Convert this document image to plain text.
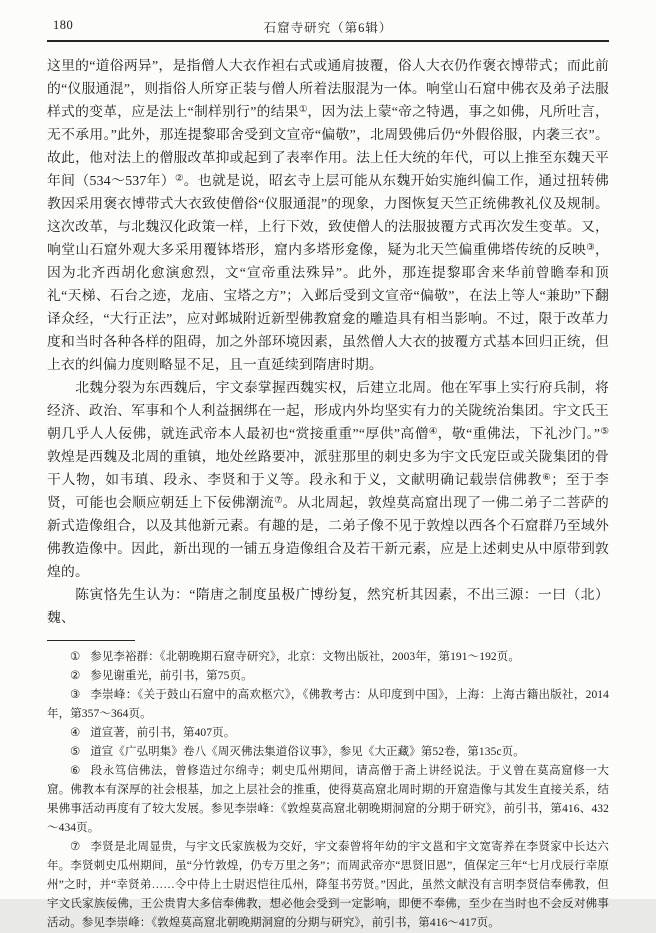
180	石窟寺研究（第6辑）

这里的“道俗两异”，是指僧人大衣作袒右式或通肩披覆，俗人大衣仍作褒衣博带式；而此前的“仪服通混”，则指俗人所穿正装与僧人所着法服混为一体。响堂山石窟中佛衣及弟子法服样式的变革，应是法上“制样别行”的结果①，因为法上蒙“帝之特遇，事之如佛，凡所吐言，无不承用。”此外，那连提黎耶舍受到文宣帝“偏敬”，北周毁佛后仍“外假俗服，内袭三衣”。故此，他对法上的僧服改革抑或起到了表率作用。法上任大统的年代，可以上推至东魏天平年间（534～537年）②。也就是说，昭玄寺上层可能从东魏开始实施纠偏工作，通过扭转佛教因采用褒衣博带式大衣致使僧俗“仪服通混”的现象，力图恢复天竺正统佛教礼仪及规制。这次改革，与北魏汉化政策一样，上行下效，致使僧人的法服披覆方式再次发生变革。又，响堂山石窟外观大多采用覆钵塔形，窟内多塔形龛像，疑为北天竺偏重佛塔传统的反映③，因为北齐西胡化愈演愈烈，文“宣帝重法殊异”。此外，那连提黎耶舍来华前曾瞻奉和顶礼“天梯、石台之迹，龙庙、宝塔之方”；入邺后受到文宣帝“偏敬”，在法上等人“兼助”下翻译众经，“大行正法”，应对邺城附近新型佛教窟龛的雕造具有相当影响。不过，限于改革力度和当时各种各样的阻碍，加之外部环境因素，虽然僧人大衣的披覆方式基本回归正统，但上衣的纠偏力度则略显不足，且一直延续到隋唐时期。

北魏分裂为东西魏后，宇文泰掌握西魏实权，后建立北周。他在军事上实行府兵制，将经济、政治、军事和个人利益捆绑在一起，形成内外均坚实有力的关陇统治集团。宇文氏王朝几乎人人佞佛，就连武帝本人最初也“赏接重重”“厚供”高僧④，敬“重佛法，下礼沙门。”⑤敦煌是西魏及北周的重镇，地处丝路要冲，派驻那里的刺史多为宇文氏宠臣或关陇集团的骨干人物，如韦瑱、段永、李贤和于义等。段永和于义，文献明确记载崇信佛教⑥；至于李贤，可能也会顺应朝廷上下佞佛潮流⑦。从北周起，敦煌莫高窟出现了一佛二弟子二菩萨的新式造像组合，以及其他新元素。有趣的是，二弟子像不见于敦煌以西各个石窟群乃至域外佛教造像中。因此，新出现的一铺五身造像组合及若干新元素，应是上述刺史从中原带到敦煌的。

陈寅恪先生认为：“隋唐之制度虽极广博纷复，然究析其因素，不出三源：一曰（北）魏、

① 参见李裕群：《北朝晚期石窟寺研究》，北京：文物出版社，2003年，第191～192页。

② 参见谢重光，前引书，第75页。

③ 李崇峰：《关于鼓山石窟中的高欢柩穴》，《佛教考古：从印度到中国》，上海：上海古籍出版社，2014年，第357～364页。

④ 道宣著，前引书，第407页。

⑤ 道宣《广弘明集》卷八《周灭佛法集道俗议事》，参见《大正藏》第52卷，第135c页。

⑥ 段永笃信佛法，曾修造过尔绵寺；刺史瓜州期间，请高僧于斋上讲经说法。于义曾在莫高窟修一大窟。佛教本有深厚的社会根基，加之上层社会的推重，使得莫高窟北周时期的开窟造像与其发生直接关系，结果佛事活动再度有了较大发展。参见李崇峰：《敦煌莫高窟北朝晚期洞窟的分期于研究》，前引书，第416、432～434页。

⑦ 李贤是北周显贵，与宇文氏家族极为交好，宇文泰曾将年幼的宇文邕和宇文宽寄养在李贤家中长达六年。李贤刺史瓜州期间，虽“分竹敦煌，仍专万里之务”；而周武帝亦“思贤旧恩”，值保定三年“七月戊辰行幸原州”之时，并“幸贤弟……令中侍上士尉迟恺往瓜州，降玺书劳贤。”因此，虽然文献没有言明李贤信奉佛教，但宇文氏家族佞佛，王公贵胄大多信奉佛教，想必他会受到一定影响，即便不奉佛，至少在当时也不会反对佛事活动。参见李崇峰：《敦煌莫高窟北朝晚期洞窟的分期与研究》，前引书，第416～417页。
